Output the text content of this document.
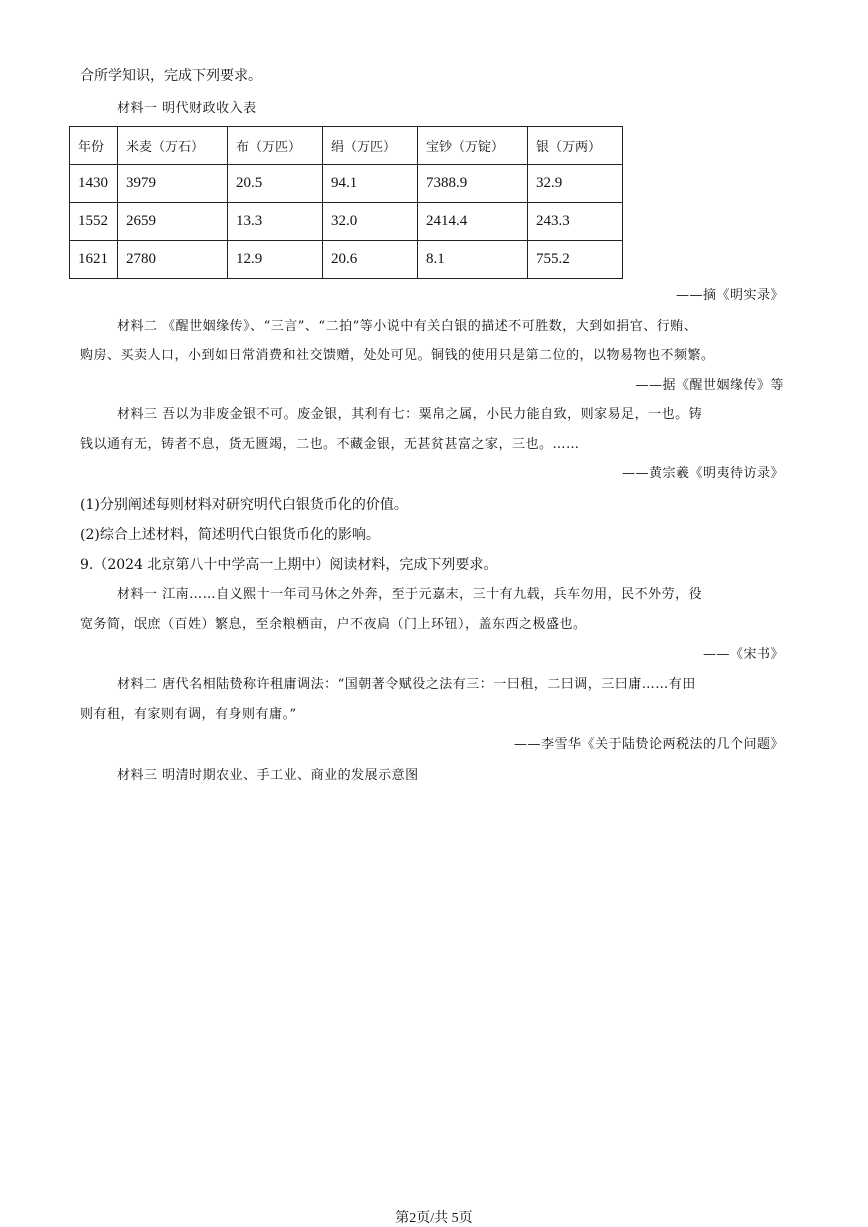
合所学知识，完成下列要求。
材料一 明代财政收入表
年份	米麦（万石）	布（万匹）	绢（万匹）	宝钞（万锭）	银（万两）
1430	3979	20.5	94.1	7388.9	32.9
1552	2659	13.3	32.0	2414.4	243.3
1621	2780	12.9	20.6	8.1	755.2
——摘《明实录》
材料二 《醒世姻缘传》、“三言”、“二拍”等小说中有关白银的描述不可胜数，大到如捐官、行贿、
购房、买卖人口，小到如日常消费和社交馈赠，处处可见。铜钱的使用只是第二位的，以物易物也不频繁。
——据《醒世姻缘传》等
材料三 吾以为非废金银不可。废金银，其利有七：粟帛之属，小民力能自致，则家易足，一也。铸
钱以通有无，铸者不息，货无匮竭，二也。不藏金银，无甚贫甚富之家，三也。……
——黄宗羲《明夷待访录》
(1)分别阐述每则材料对研究明代白银货币化的价值。
(2)综合上述材料，简述明代白银货币化的影响。
9.（2024 北京第八十中学高一上期中）阅读材料，完成下列要求。
材料一 江南……自义熙十一年司马休之外奔，至于元嘉末，三十有九载，兵车勿用，民不外劳，役
宽务简，氓庶（百姓）繁息，至余粮栖亩，户不夜扃（门上环钮），盖东西之极盛也。
——《宋书》
材料二 唐代名相陆贽称许租庸调法：“国朝著令赋役之法有三：一曰租，二曰调，三曰庸……有田
则有租，有家则有调，有身则有庸。”
——李雪华《关于陆贽论两税法的几个问题》
材料三 明清时期农业、手工业、商业的发展示意图
第2页/共 5页
